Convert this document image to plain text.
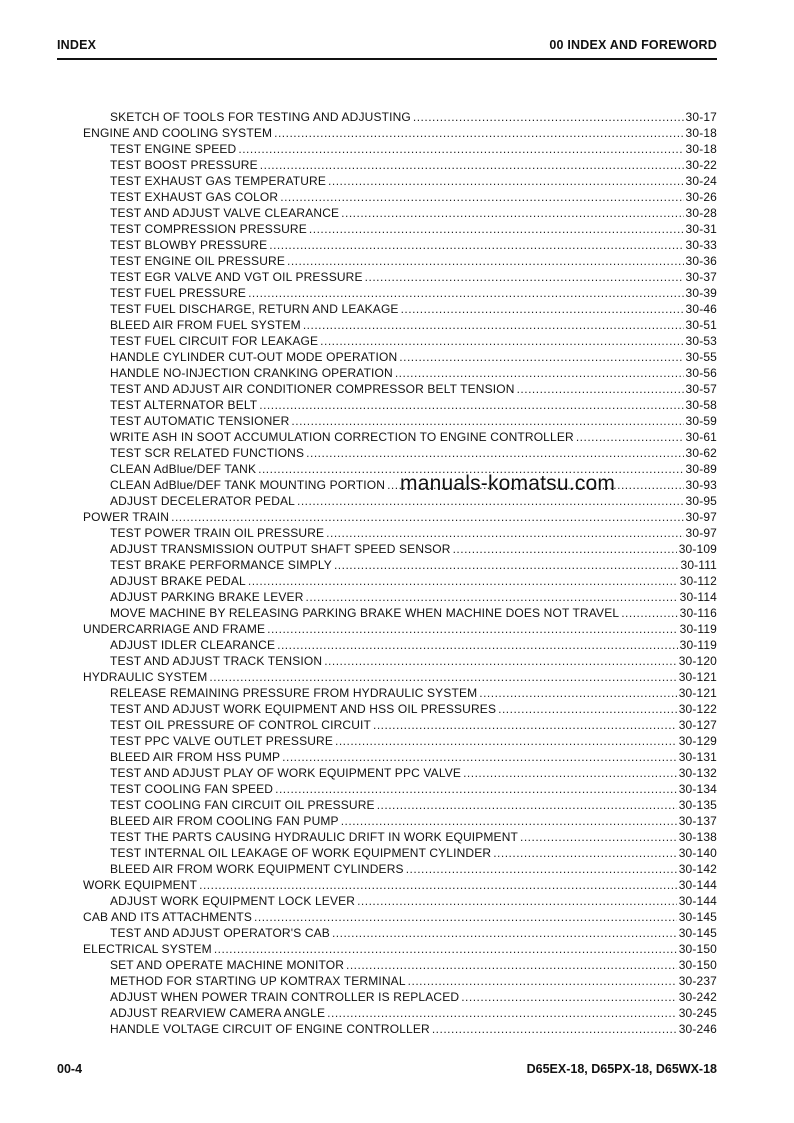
INDEX	00 INDEX AND FOREWORD
SKETCH OF TOOLS FOR TESTING AND ADJUSTING .....	30-17
ENGINE AND COOLING SYSTEM .....	30-18
TEST ENGINE SPEED .....	30-18
TEST BOOST PRESSURE .....	30-22
TEST EXHAUST GAS TEMPERATURE .....	30-24
TEST EXHAUST GAS COLOR .....	30-26
TEST AND ADJUST VALVE CLEARANCE .....	30-28
TEST COMPRESSION PRESSURE .....	30-31
TEST BLOWBY PRESSURE .....	30-33
TEST ENGINE OIL PRESSURE .....	30-36
TEST EGR VALVE AND VGT OIL PRESSURE .....	30-37
TEST FUEL PRESSURE .....	30-39
TEST FUEL DISCHARGE, RETURN AND LEAKAGE .....	30-46
BLEED AIR FROM FUEL SYSTEM .....	30-51
TEST FUEL CIRCUIT FOR LEAKAGE .....	30-53
HANDLE CYLINDER CUT-OUT MODE OPERATION .....	30-55
HANDLE NO-INJECTION CRANKING OPERATION .....	30-56
TEST AND ADJUST AIR CONDITIONER COMPRESSOR BELT TENSION .....	30-57
TEST ALTERNATOR BELT .....	30-58
TEST AUTOMATIC TENSIONER .....	30-59
WRITE ASH IN SOOT ACCUMULATION CORRECTION TO ENGINE CONTROLLER .....	30-61
TEST SCR RELATED FUNCTIONS .....	30-62
CLEAN AdBlue/DEF TANK .....	30-89
CLEAN AdBlue/DEF TANK MOUNTING PORTION .....	30-93
ADJUST DECELERATOR PEDAL .....	30-95
POWER TRAIN .....	30-97
TEST POWER TRAIN OIL PRESSURE .....	30-97
ADJUST TRANSMISSION OUTPUT SHAFT SPEED SENSOR .....	30-109
TEST BRAKE PERFORMANCE SIMPLY .....	30-111
ADJUST BRAKE PEDAL .....	30-112
ADJUST PARKING BRAKE LEVER .....	30-114
MOVE MACHINE BY RELEASING PARKING BRAKE WHEN MACHINE DOES NOT TRAVEL .....	30-116
UNDERCARRIAGE AND FRAME .....	30-119
ADJUST IDLER CLEARANCE .....	30-119
TEST AND ADJUST TRACK TENSION .....	30-120
HYDRAULIC SYSTEM .....	30-121
RELEASE REMAINING PRESSURE FROM HYDRAULIC SYSTEM .....	30-121
TEST AND ADJUST WORK EQUIPMENT AND HSS OIL PRESSURES .....	30-122
TEST OIL PRESSURE OF CONTROL CIRCUIT .....	30-127
TEST PPC VALVE OUTLET PRESSURE .....	30-129
BLEED AIR FROM HSS PUMP .....	30-131
TEST AND ADJUST PLAY OF WORK EQUIPMENT PPC VALVE .....	30-132
TEST COOLING FAN SPEED .....	30-134
TEST COOLING FAN CIRCUIT OIL PRESSURE .....	30-135
BLEED AIR FROM COOLING FAN PUMP .....	30-137
TEST THE PARTS CAUSING HYDRAULIC DRIFT IN WORK EQUIPMENT .....	30-138
TEST INTERNAL OIL LEAKAGE OF WORK EQUIPMENT CYLINDER .....	30-140
BLEED AIR FROM WORK EQUIPMENT CYLINDERS .....	30-142
WORK EQUIPMENT .....	30-144
ADJUST WORK EQUIPMENT LOCK LEVER .....	30-144
CAB AND ITS ATTACHMENTS .....	30-145
TEST AND ADJUST OPERATOR'S CAB .....	30-145
ELECTRICAL SYSTEM .....	30-150
SET AND OPERATE MACHINE MONITOR .....	30-150
METHOD FOR STARTING UP KOMTRAX TERMINAL .....	30-237
ADJUST WHEN POWER TRAIN CONTROLLER IS REPLACED .....	30-242
ADJUST REARVIEW CAMERA ANGLE .....	30-245
HANDLE VOLTAGE CIRCUIT OF ENGINE CONTROLLER .....	30-246
manuals-komatsu.com
00-4	D65EX-18, D65PX-18, D65WX-18
